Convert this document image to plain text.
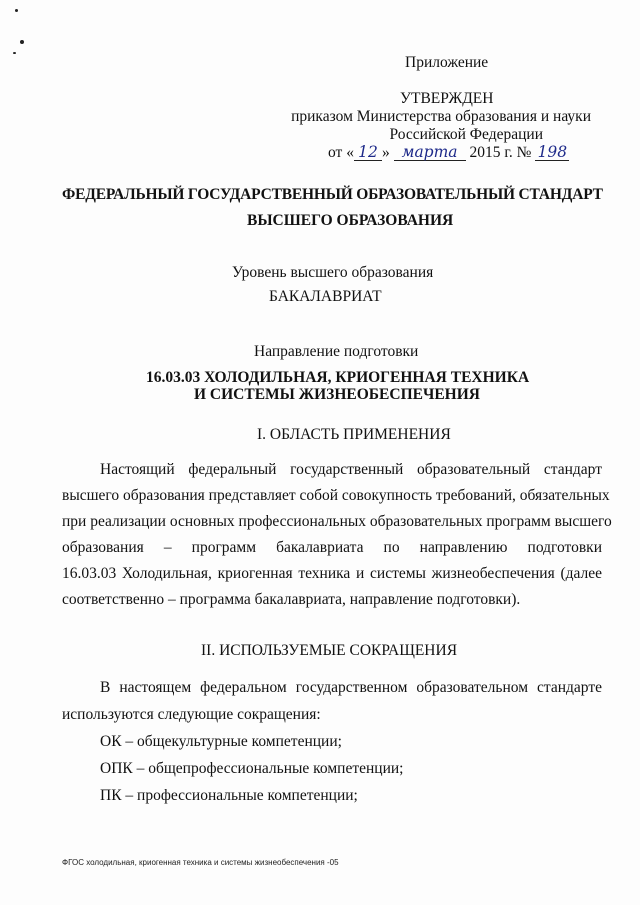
Приложение
УТВЕРЖДЕН
приказом Министерства образования и науки
Российской Федерации
от « 12 » марта 2015 г. № 198
ФЕДЕРАЛЬНЫЙ ГОСУДАРСТВЕННЫЙ ОБРАЗОВАТЕЛЬНЫЙ СТАНДАРТ
ВЫСШЕГО ОБРАЗОВАНИЯ
Уровень высшего образования
БАКАЛАВРИАТ
Направление подготовки
16.03.03 ХОЛОДИЛЬНАЯ, КРИОГЕННАЯ ТЕХНИКА
И СИСТЕМЫ ЖИЗНЕОБЕСПЕЧЕНИЯ
I. ОБЛАСТЬ ПРИМЕНЕНИЯ
Настоящий федеральный государственный образовательный стандарт
высшего образования представляет собой совокупность требований, обязательных
при реализации основных профессиональных образовательных программ высшего
образования – программ бакалавриата по направлению подготовки
16.03.03 Холодильная, криогенная техника и системы жизнеобеспечения (далее
соответственно – программа бакалавриата, направление подготовки).
II. ИСПОЛЬЗУЕМЫЕ СОКРАЩЕНИЯ
В настоящем федеральном государственном образовательном стандарте
используются следующие сокращения:
ОК – общекультурные компетенции;
ОПК – общепрофессиональные компетенции;
ПК – профессиональные компетенции;
ФГОС холодильная, криогенная техника и системы жизнеобеспечения -05
